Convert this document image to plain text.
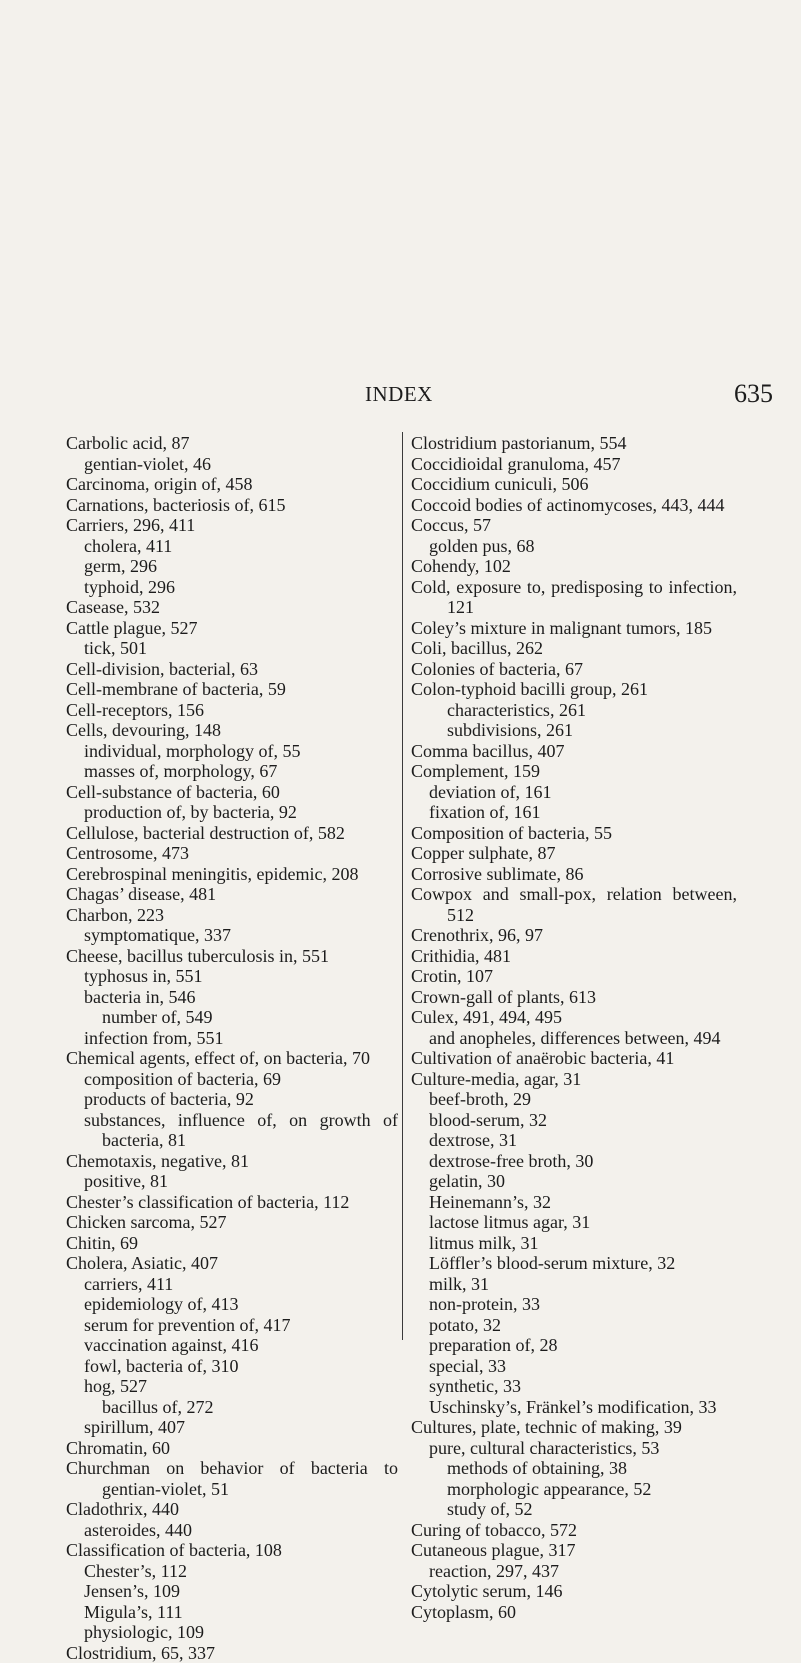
INDEX	635
Carbolic acid, 87
gentian-violet, 46
Carcinoma, origin of, 458
Carnations, bacteriosis of, 615
Carriers, 296, 411
cholera, 411
germ, 296
typhoid, 296
Casease, 532
Cattle plague, 527
tick, 501
Cell-division, bacterial, 63
Cell-membrane of bacteria, 59
Cell-receptors, 156
Cells, devouring, 148
individual, morphology of, 55
masses of, morphology, 67
Cell-substance of bacteria, 60
production of, by bacteria, 92
Cellulose, bacterial destruction of, 582
Centrosome, 473
Cerebrospinal meningitis, epidemic, 208
Chagas’ disease, 481
Charbon, 223
symptomatique, 337
Cheese, bacillus tuberculosis in, 551
typhosus in, 551
bacteria in, 546
number of, 549
infection from, 551
Chemical agents, effect of, on bacteria, 70
composition of bacteria, 69
products of bacteria, 92
substances, influence of, on growth of bacteria, 81
Chemotaxis, negative, 81
positive, 81
Chester’s classification of bacteria, 112
Chicken sarcoma, 527
Chitin, 69
Cholera, Asiatic, 407
carriers, 411
epidemiology of, 413
serum for prevention of, 417
vaccination against, 416
fowl, bacteria of, 310
hog, 527
bacillus of, 272
spirillum, 407
Chromatin, 60
Churchman on behavior of bacteria to gentian-violet, 51
Cladothrix, 440
asteroides, 440
Classification of bacteria, 108
Chester’s, 112
Jensen’s, 109
Migula’s, 111
physiologic, 109
Clostridium, 65, 337
Clostridium pastorianum, 554
Coccidioidal granuloma, 457
Coccidium cuniculi, 506
Coccoid bodies of actinomycoses, 443, 444
Coccus, 57
golden pus, 68
Cohendy, 102
Cold, exposure to, predisposing to infection, 121
Coley’s mixture in malignant tumors, 185
Coli, bacillus, 262
Colonies of bacteria, 67
Colon-typhoid bacilli group, 261
characteristics, 261
subdivisions, 261
Comma bacillus, 407
Complement, 159
deviation of, 161
fixation of, 161
Composition of bacteria, 55
Copper sulphate, 87
Corrosive sublimate, 86
Cowpox and small-pox, relation between, 512
Crenothrix, 96, 97
Crithidia, 481
Crotin, 107
Crown-gall of plants, 613
Culex, 491, 494, 495
and anopheles, differences between, 494
Cultivation of anaërobic bacteria, 41
Culture-media, agar, 31
beef-broth, 29
blood-serum, 32
dextrose, 31
dextrose-free broth, 30
gelatin, 30
Heinemann’s, 32
lactose litmus agar, 31
litmus milk, 31
Löffler’s blood-serum mixture, 32
milk, 31
non-protein, 33
potato, 32
preparation of, 28
special, 33
synthetic, 33
Uschinsky’s, Fränkel’s modification, 33
Cultures, plate, technic of making, 39
pure, cultural characteristics, 53
methods of obtaining, 38
morphologic appearance, 52
study of, 52
Curing of tobacco, 572
Cutaneous plague, 317
reaction, 297, 437
Cytolytic serum, 146
Cytoplasm, 60
